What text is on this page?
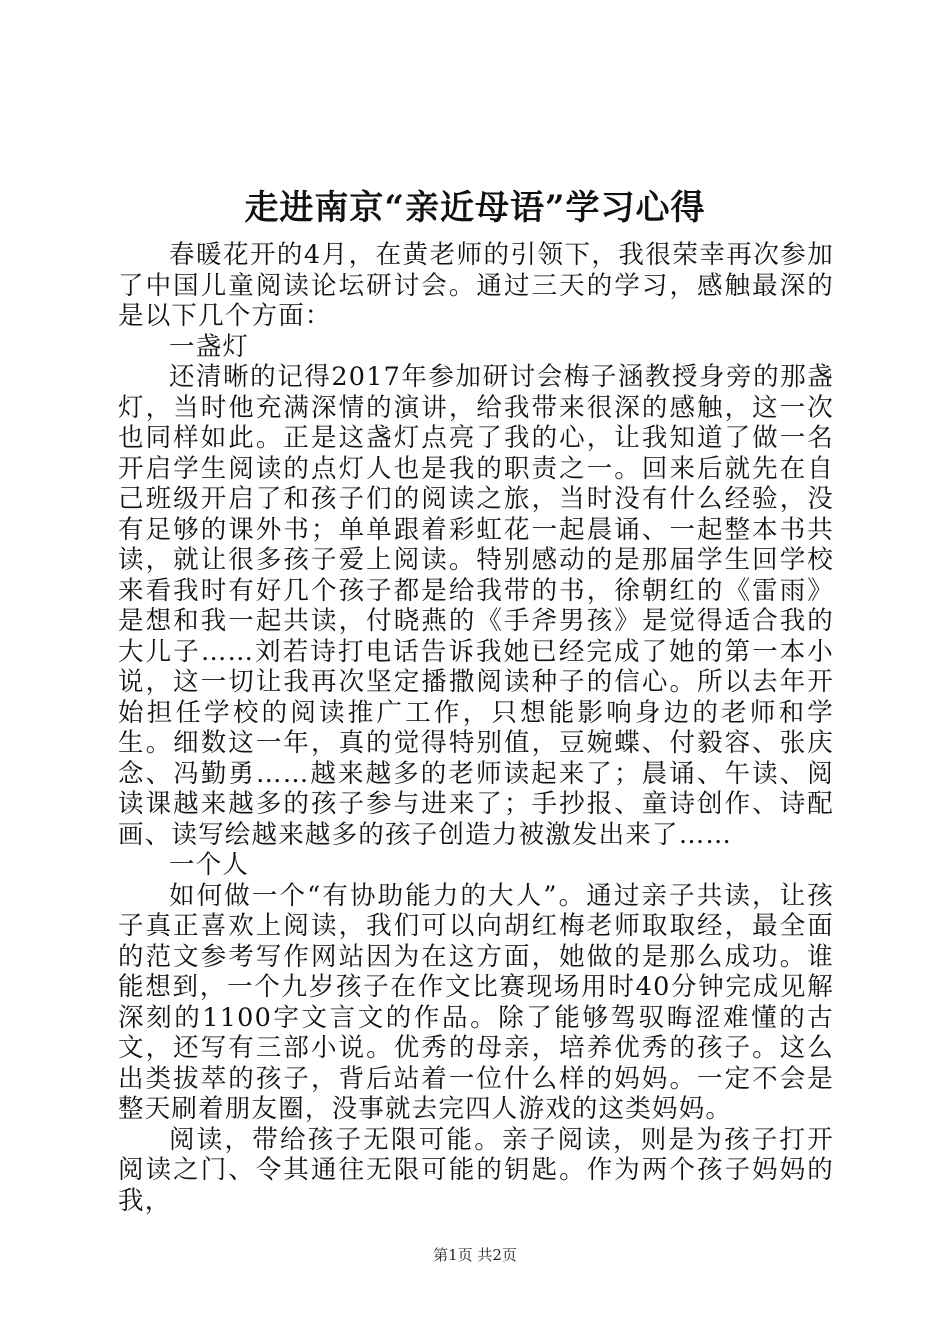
走进南京“亲近母语”学习心得

春暖花开的4月，在黄老师的引领下，我很荣幸再次参加了中国儿童阅读论坛研讨会。通过三天的学习，感触最深的是以下几个方面：

一盏灯

还清晰的记得2017年参加研讨会梅子涵教授身旁的那盏灯，当时他充满深情的演讲，给我带来很深的感触，这一次也同样如此。正是这盏灯点亮了我的心，让我知道了做一名开启学生阅读的点灯人也是我的职责之一。回来后就先在自己班级开启了和孩子们的阅读之旅，当时没有什么经验，没有足够的课外书；单单跟着彩虹花一起晨诵、一起整本书共读，就让很多孩子爱上阅读。特别感动的是那届学生回学校来看我时有好几个孩子都是给我带的书，徐朝红的《雷雨》是想和我一起共读，付晓燕的《手斧男孩》是觉得适合我的大儿子……刘若诗打电话告诉我她已经完成了她的第一本小说，这一切让我再次坚定播撒阅读种子的信心。所以去年开始担任学校的阅读推广工作，只想能影响身边的老师和学生。细数这一年，真的觉得特别值，豆婉蝶、付毅容、张庆念、冯勤勇……越来越多的老师读起来了；晨诵、午读、阅读课越来越多的孩子参与进来了；手抄报、童诗创作、诗配画、读写绘越来越多的孩子创造力被激发出来了……

一个人

如何做一个“有协助能力的大人”。通过亲子共读，让孩子真正喜欢上阅读，我们可以向胡红梅老师取取经，最全面的范文参考写作网站因为在这方面，她做的是那么成功。谁能想到，一个九岁孩子在作文比赛现场用时40分钟完成见解深刻的1100字文言文的作品。除了能够驾驭晦涩难懂的古文，还写有三部小说。优秀的母亲，培养优秀的孩子。这么出类拔萃的孩子，背后站着一位什么样的妈妈。一定不会是整天刷着朋友圈，没事就去完四人游戏的这类妈妈。

阅读，带给孩子无限可能。亲子阅读，则是为孩子打开阅读之门、令其通往无限可能的钥匙。作为两个孩子妈妈的我，

第1页 共2页
